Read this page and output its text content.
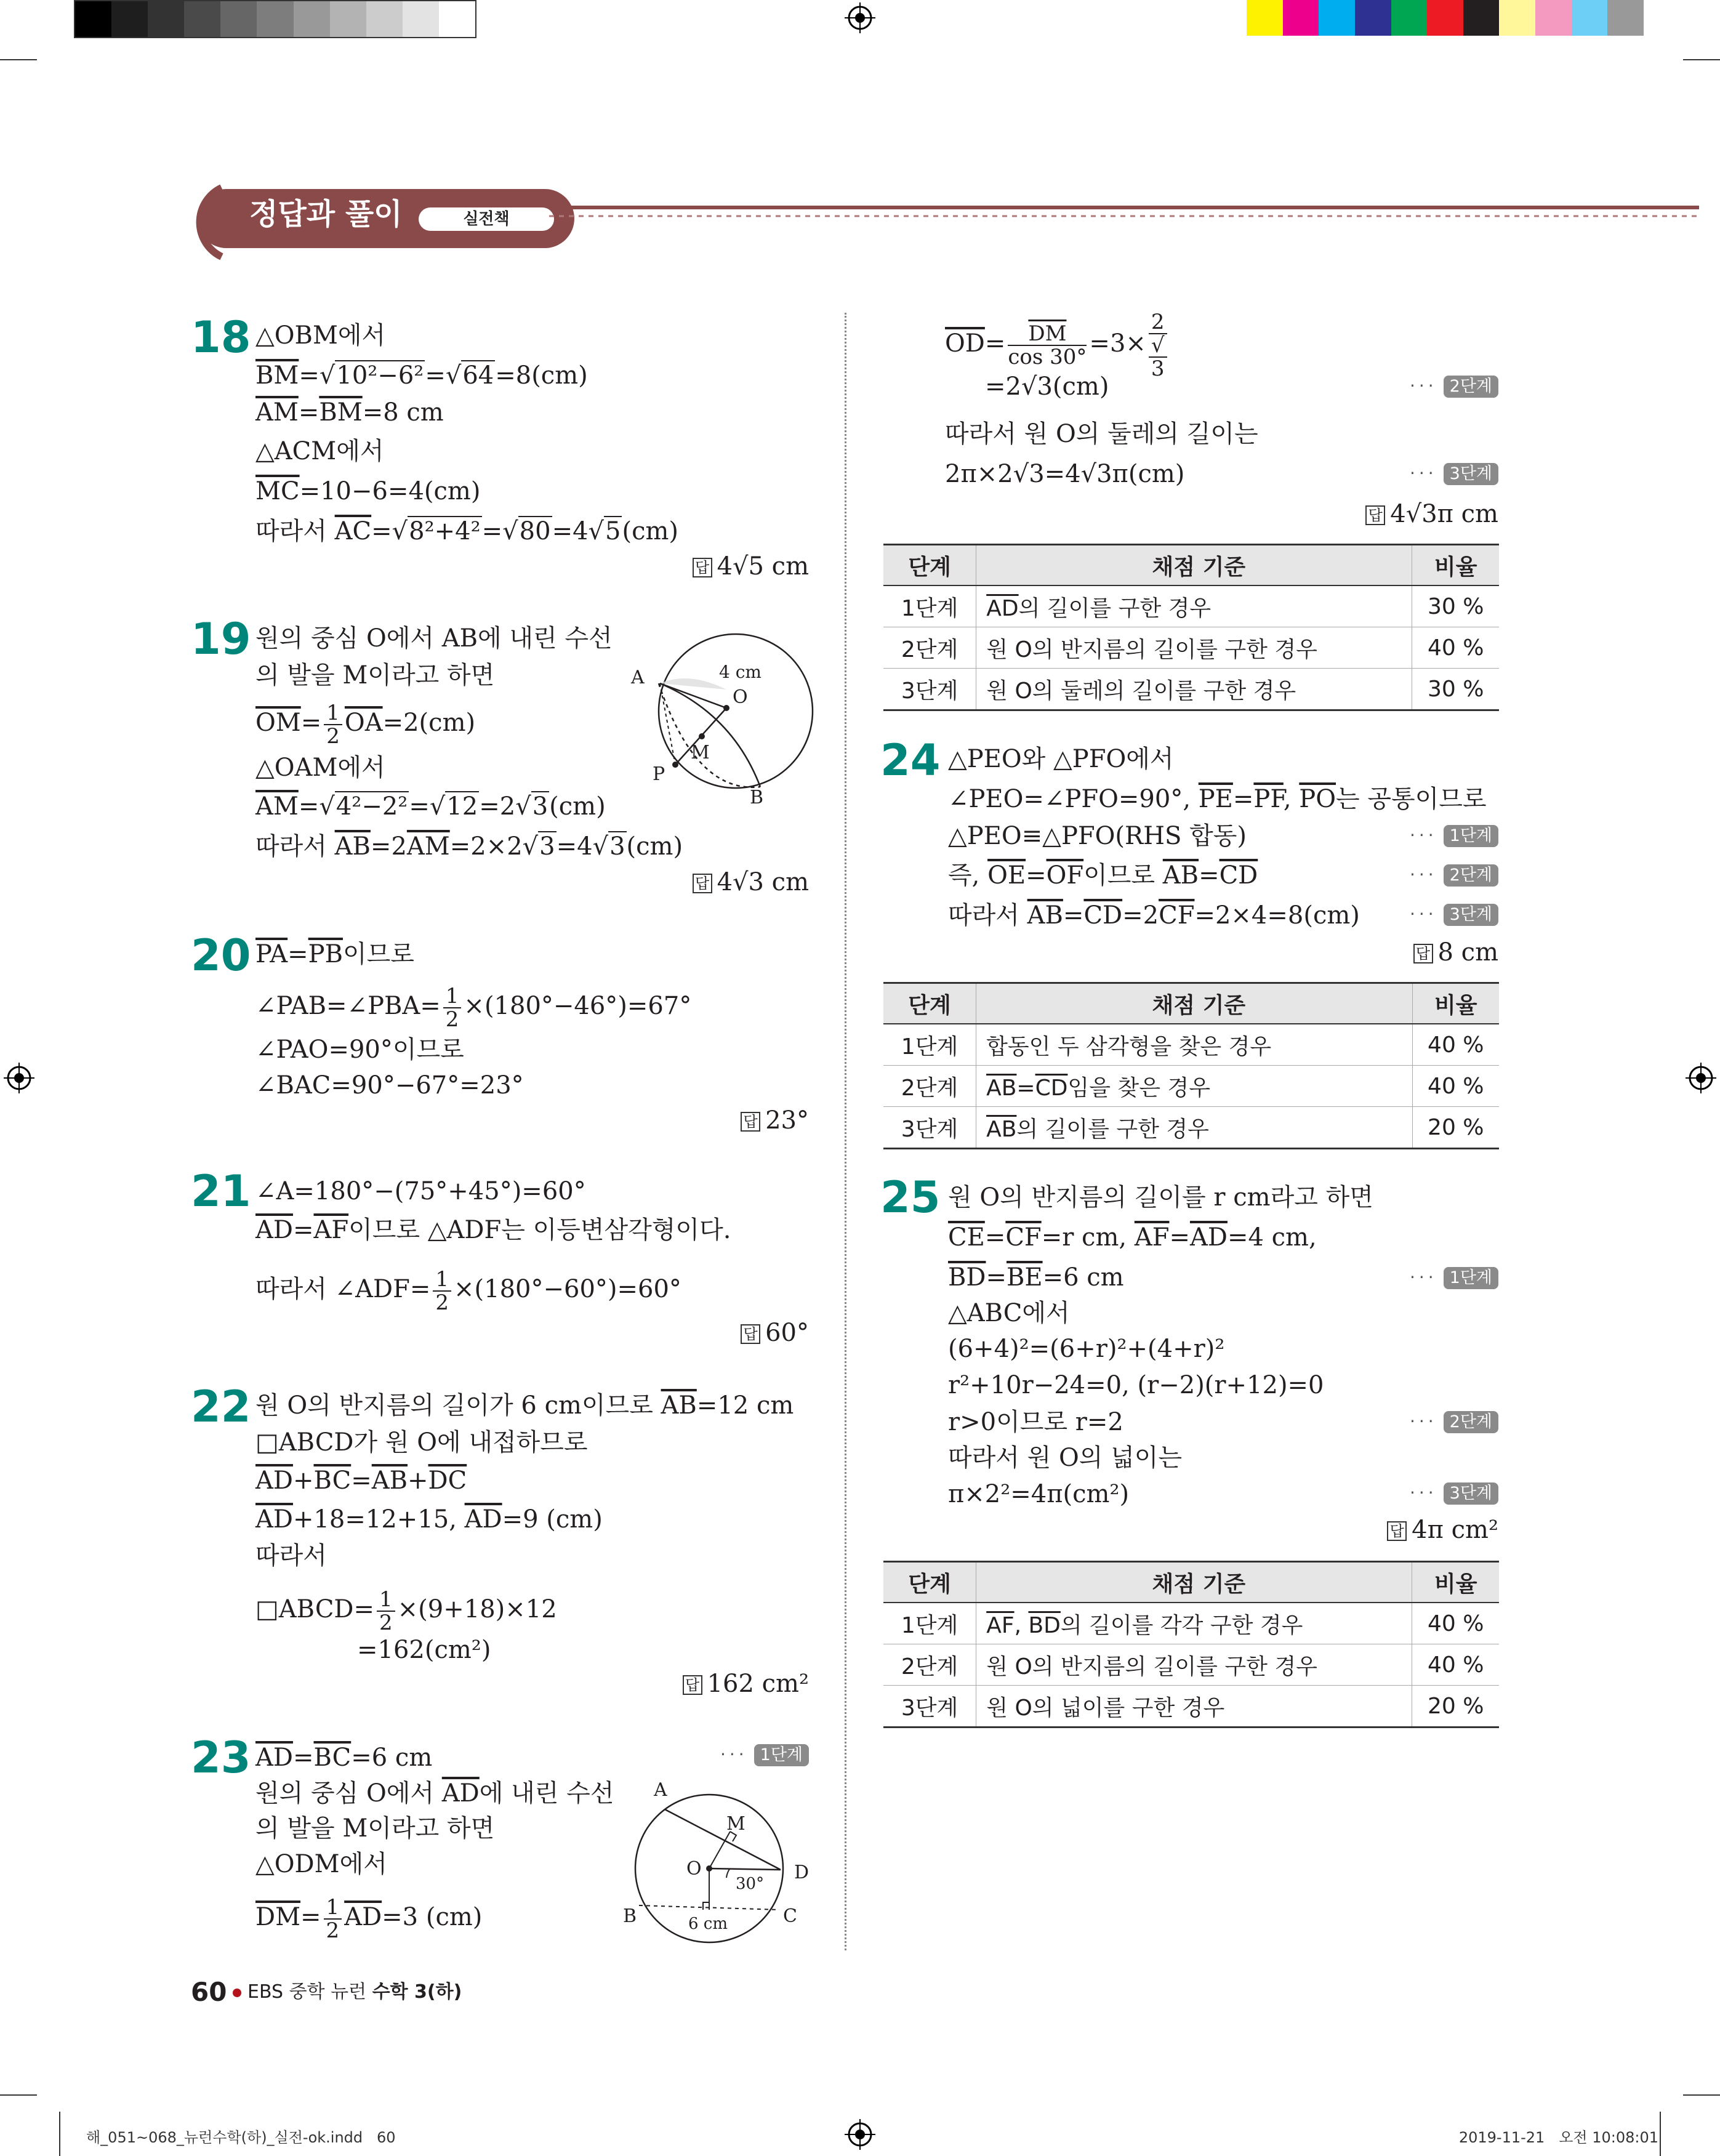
정답과 풀이	실전책
18 △OBM에서
$\overline{BM}=√10^2-6^2=√64=8(cm)$
$\overline{AM}=\overline{BM}=8$ cm
△ACM에서
$\overline{MC}=10-6=4(cm)$
따라서 $\overline{AC}=√8^2+4^2=√80=4√5(cm)$
답 4√5 cm
19 원의 중심 O에서 AB에 내린 수선
의 발을 M이라고 하면
$\overline{OM}= \frac{1}{2} \overline{OA}=2(cm)$
△OAM에서
$\overline{AM}=√4^2-2^2=√12=2√3(cm)$
따라서 $\overline{AB}=2\overline{AM}=2\times 2√3=4√3(cm)$
답 4√3 cm
A	4 cm
O
M
P
B
20 $\overline{PA}=\overline{PB}$이므로
∠PAB=∠PBA= $\frac{1}{2} \times(180^\circ-46^\circ)=67^\circ$
∠PAO=90°이므로
∠BAC=90°−67°=23°
답 23°
21 ∠A=180°−(75°+45°)=60°
$\overline{AD}=\overline{AF}$이므로 △ADF는 이등변삼각형이다.
따라서 ∠ADF= $\frac{1}{2} \times(180^\circ-60^\circ)=60^\circ$
답 60°
22 원 O의 반지름의 길이가 6 cm이므로 $\overline{AB}=12$ cm
□ABCD가 원 O에 내접하므로
$\overline{AD}+\overline{BC}=\overline{AB}+\overline{DC}$
$\overline{AD}+18=12+15$, $\overline{AD}=9$ (cm)
따라서
□ABCD= $\frac{1}{2} \times(9+18)\times 12$
=162(cm²)
답 162 cm²
23 $\overline{AD}=\overline{BC}=6$ cm	··· 1단계
원의 중심 O에서 $\overline{AD}$에 내린 수선
의 발을 M이라고 하면
△ODM에서
$\overline{DM}= \frac{1}{2} \overline{AD}=3$ (cm)
A
M
O	D
30°
B	C
6 cm
$\overline{OD}= \frac{\overline{DM}}{\cos 30^\circ} =3\times 2$
√
3
=2√3(cm)	··· 2단계
따라서 원 O의 둘레의 길이는
2π×2√3=4√3π(cm)	··· 3단계
답 4√3π cm
단계	채점 기준	비율
1단계	$\overline{AD}$의 길이를 구한 경우	30 %
2단계	원 O의 반지름의 길이를 구한 경우	40 %
3단계	원 O의 둘레의 길이를 구한 경우	30 %
24 △PEO와 △PFO에서
∠PEO=∠PFO=90°, $\overline{PE}=\overline{PF}$, $\overline{PO}$는 공통이므로
△PEO≡△PFO(RHS 합동)	··· 1단계
즉, $\overline{OE}=\overline{OF}$이므로 $\overline{AB}=\overline{CD}$	··· 2단계
따라서 $\overline{AB}=\overline{CD}=2\overline{CF}=2\times 4=8(cm)$	··· 3단계
답 8 cm
단계	채점 기준	비율
1단계	합동인 두 삼각형을 찾은 경우	40 %
2단계	$\overline{AB}=\overline{CD}$임을 찾은 경우	40 %
3단계	$\overline{AB}$의 길이를 구한 경우	20 %
25 원 O의 반지름의 길이를 r cm라고 하면
$\overline{CE}=\overline{CF}=r$ cm, $\overline{AF}=\overline{AD}=4$ cm,
$\overline{BD}=\overline{BE}=6$ cm	··· 1단계
△ABC에서
(6+4)²=(6+r)²+(4+r)²
r²+10r−24=0, (r−2)(r+12)=0
r>0이므로 r=2	··· 2단계
따라서 원 O의 넓이는
π×2²=4π(cm²)	··· 3단계
답 4π cm²
단계	채점 기준	비율
1단계	$\overline{AF}$, $\overline{BD}$의 길이를 각각 구한 경우	40 %
2단계	원 O의 반지름의 길이를 구한 경우	40 %
3단계	원 O의 넓이를 구한 경우	20 %
60 EBS 중학 뉴런 수학 3(하)
해_051~068_뉴런수학(하)_실전-ok.indd   60	2019-11-21   오전 10:08:01
